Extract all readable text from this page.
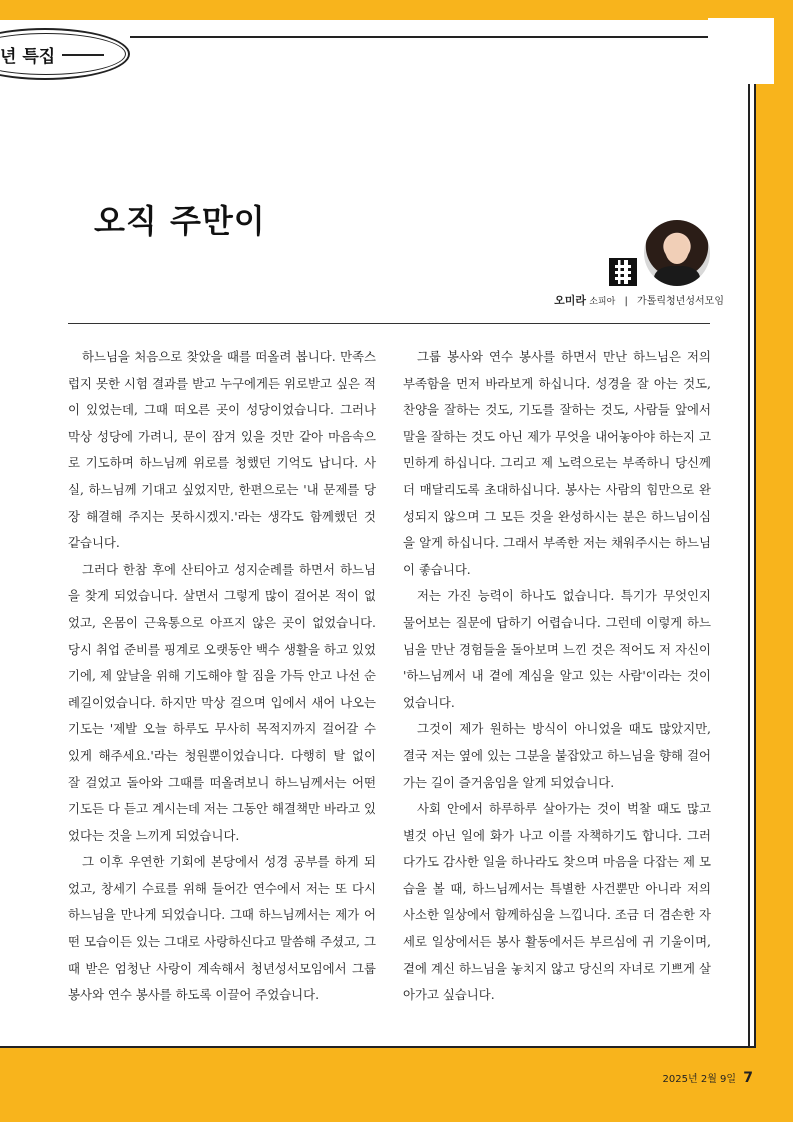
년 특집
오직 주만이
오미라 소피아 | 가톨릭청년성서모임

하느님을 처음으로 찾았을 때를 떠올려 봅니다. 만족스럽지 못한 시험 결과를 받고 누구에게든 위로받고 싶은 적이 있었는데, 그때 떠오른 곳이 성당이었습니다. 그러나 막상 성당에 가려니, 문이 잠겨 있을 것만 같아 마음속으로 기도하며 하느님께 위로를 청했던 기억도 납니다. 사실, 하느님께 기대고 싶었지만, 한편으로는 '내 문제를 당장 해결해 주지는 못하시겠지.'라는 생각도 함께했던 것 같습니다.

그러다 한참 후에 산티아고 성지순례를 하면서 하느님을 찾게 되었습니다. 살면서 그렇게 많이 걸어본 적이 없었고, 온몸이 근육통으로 아프지 않은 곳이 없었습니다. 당시 취업 준비를 핑계로 오랫동안 백수 생활을 하고 있었기에, 제 앞날을 위해 기도해야 할 짐을 가득 안고 나선 순례길이었습니다. 하지만 막상 걸으며 입에서 새어 나오는 기도는 '제발 오늘 하루도 무사히 목적지까지 걸어갈 수 있게 해주세요.'라는 청원뿐이었습니다. 다행히 탈 없이 잘 걸었고 돌아와 그때를 떠올려보니 하느님께서는 어떤 기도든 다 듣고 계시는데 저는 그동안 해결책만 바라고 있었다는 것을 느끼게 되었습니다.

그 이후 우연한 기회에 본당에서 성경 공부를 하게 되었고, 창세기 수료를 위해 들어간 연수에서 저는 또 다시 하느님을 만나게 되었습니다. 그때 하느님께서는 제가 어떤 모습이든 있는 그대로 사랑하신다고 말씀해 주셨고, 그때 받은 엄청난 사랑이 계속해서 청년성서모임에서 그룹 봉사와 연수 봉사를 하도록 이끌어 주었습니다.

그룹 봉사와 연수 봉사를 하면서 만난 하느님은 저의 부족함을 먼저 바라보게 하십니다. 성경을 잘 아는 것도, 찬양을 잘하는 것도, 기도를 잘하는 것도, 사람들 앞에서 말을 잘하는 것도 아닌 제가 무엇을 내어놓아야 하는지 고민하게 하십니다. 그리고 제 노력으로는 부족하니 당신께 더 매달리도록 초대하십니다. 봉사는 사람의 힘만으로 완성되지 않으며 그 모든 것을 완성하시는 분은 하느님이심을 알게 하십니다. 그래서 부족한 저는 채워주시는 하느님이 좋습니다.

저는 가진 능력이 하나도 없습니다. 특기가 무엇인지 물어보는 질문에 답하기 어렵습니다. 그런데 이렇게 하느님을 만난 경험들을 돌아보며 느낀 것은 적어도 저 자신이 '하느님께서 내 곁에 계심을 알고 있는 사람'이라는 것이었습니다.

그것이 제가 원하는 방식이 아니었을 때도 많았지만, 결국 저는 옆에 있는 그분을 붙잡았고 하느님을 향해 걸어가는 길이 즐거움임을 알게 되었습니다.

사회 안에서 하루하루 살아가는 것이 벅찰 때도 많고 별것 아닌 일에 화가 나고 이를 자책하기도 합니다. 그러다가도 감사한 일을 하나라도 찾으며 마음을 다잡는 제 모습을 볼 때, 하느님께서는 특별한 사건뿐만 아니라 저의 사소한 일상에서 함께하심을 느낍니다. 조금 더 겸손한 자세로 일상에서든 봉사 활동에서든 부르심에 귀 기울이며, 곁에 계신 하느님을 놓치지 않고 당신의 자녀로 기쁘게 살아가고 싶습니다.

2025년 2월 9일 7
